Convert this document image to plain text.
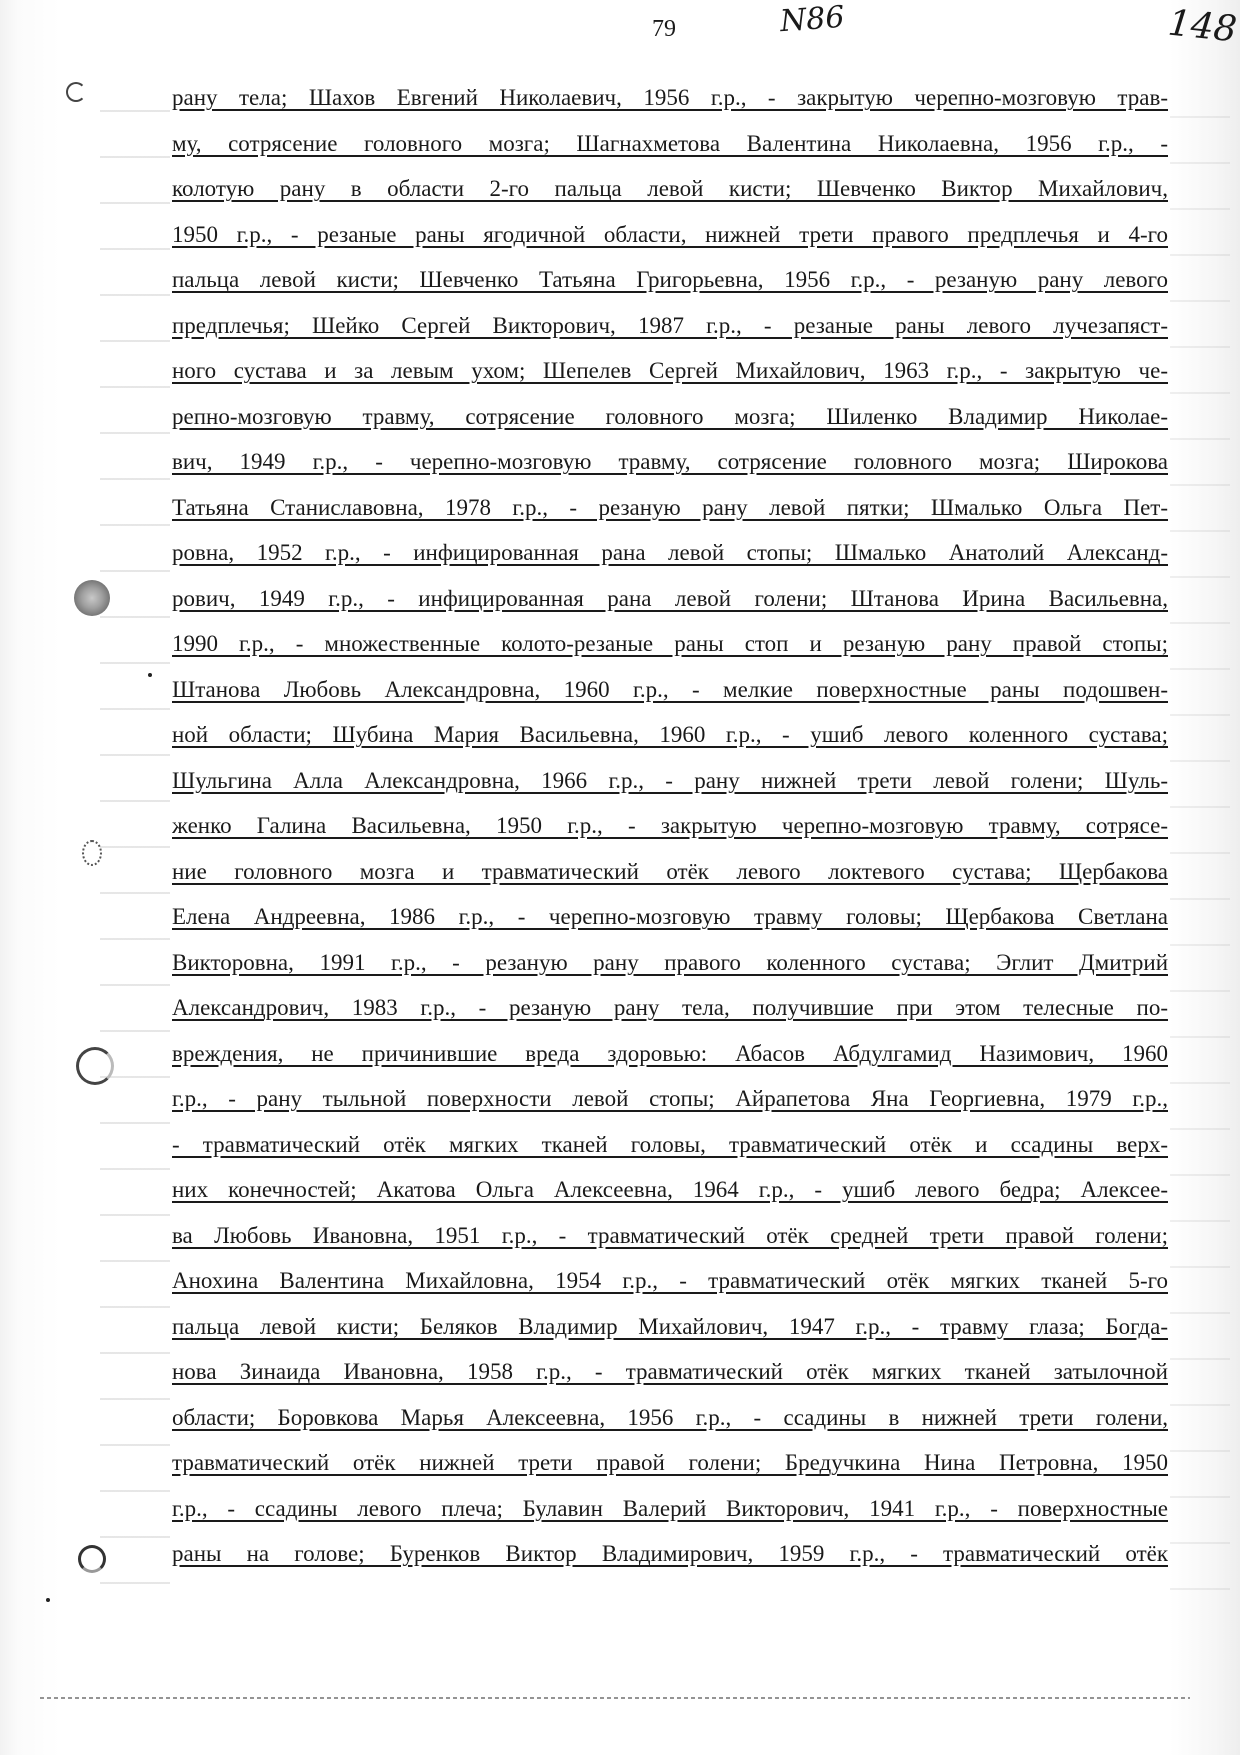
79	N86	148
рану тела; Шахов Евгений Николаевич, 1956 г.р., - закрытую черепно-мозговую трав-
му, сотрясение головного мозга; Шагнахметова Валентина Николаевна, 1956 г.р., -
колотую рану в области 2-го пальца левой кисти; Шевченко Виктор Михайлович,
1950 г.р., - резаные раны ягодичной области, нижней трети правого предплечья и 4-го
пальца левой кисти; Шевченко Татьяна Григорьевна, 1956 г.р., - резаную рану левого
предплечья; Шейко Сергей Викторович, 1987 г.р., - резаные раны левого лучезапяст-
ного сустава и за левым ухом; Шепелев Сергей Михайлович, 1963 г.р., - закрытую че-
репно-мозговую травму, сотрясение головного мозга; Шиленко Владимир Николае-
вич, 1949 г.р., - черепно-мозговую травму, сотрясение головного мозга; Широкова
Татьяна Станиславовна, 1978 г.р., - резаную рану левой пятки; Шмалько Ольга Пет-
ровна, 1952 г.р., - инфицированная рана левой стопы; Шмалько Анатолий Александ-
рович, 1949 г.р., - инфицированная рана левой голени; Штанова Ирина Васильевна,
1990 г.р., - множественные колото-резаные раны стоп и резаную рану правой стопы;
Штанова Любовь Александровна, 1960 г.р., - мелкие поверхностные раны подошвен-
ной области; Шубина Мария Васильевна, 1960 г.р., - ушиб левого коленного сустава;
Шульгина Алла Александровна, 1966 г.р., - рану нижней трети левой голени; Шуль-
женко Галина Васильевна, 1950 г.р., - закрытую черепно-мозговую травму, сотрясе-
ние головного мозга и травматический отёк левого локтевого сустава; Щербакова
Елена Андреевна, 1986 г.р., - черепно-мозговую травму головы; Щербакова Светлана
Викторовна, 1991 г.р., - резаную рану правого коленного сустава; Эглит Дмитрий
Александрович, 1983 г.р., - резаную рану тела, получившие при этом телесные по-
вреждения, не причинившие вреда здоровью: Абасов Абдулгамид Назимович, 1960
г.р., - рану тыльной поверхности левой стопы; Айрапетова Яна Георгиевна, 1979 г.р.,
- травматический отёк мягких тканей головы, травматический отёк и ссадины верх-
них конечностей; Акатова Ольга Алексеевна, 1964 г.р., - ушиб левого бедра; Алексее-
ва Любовь Ивановна, 1951 г.р., - травматический отёк средней трети правой голени;
Анохина Валентина Михайловна, 1954 г.р., - травматический отёк мягких тканей 5-го
пальца левой кисти; Беляков Владимир Михайлович, 1947 г.р., - травму глаза; Богда-
нова Зинаида Ивановна, 1958 г.р., - травматический отёк мягких тканей затылочной
области; Боровкова Марья Алексеевна, 1956 г.р., - ссадины в нижней трети голени,
травматический отёк нижней трети правой голени; Бредучкина Нина Петровна, 1950
г.р., - ссадины левого плеча; Булавин Валерий Викторович, 1941 г.р., - поверхностные
раны на голове; Буренков Виктор Владимирович, 1959 г.р., - травматический отёк
